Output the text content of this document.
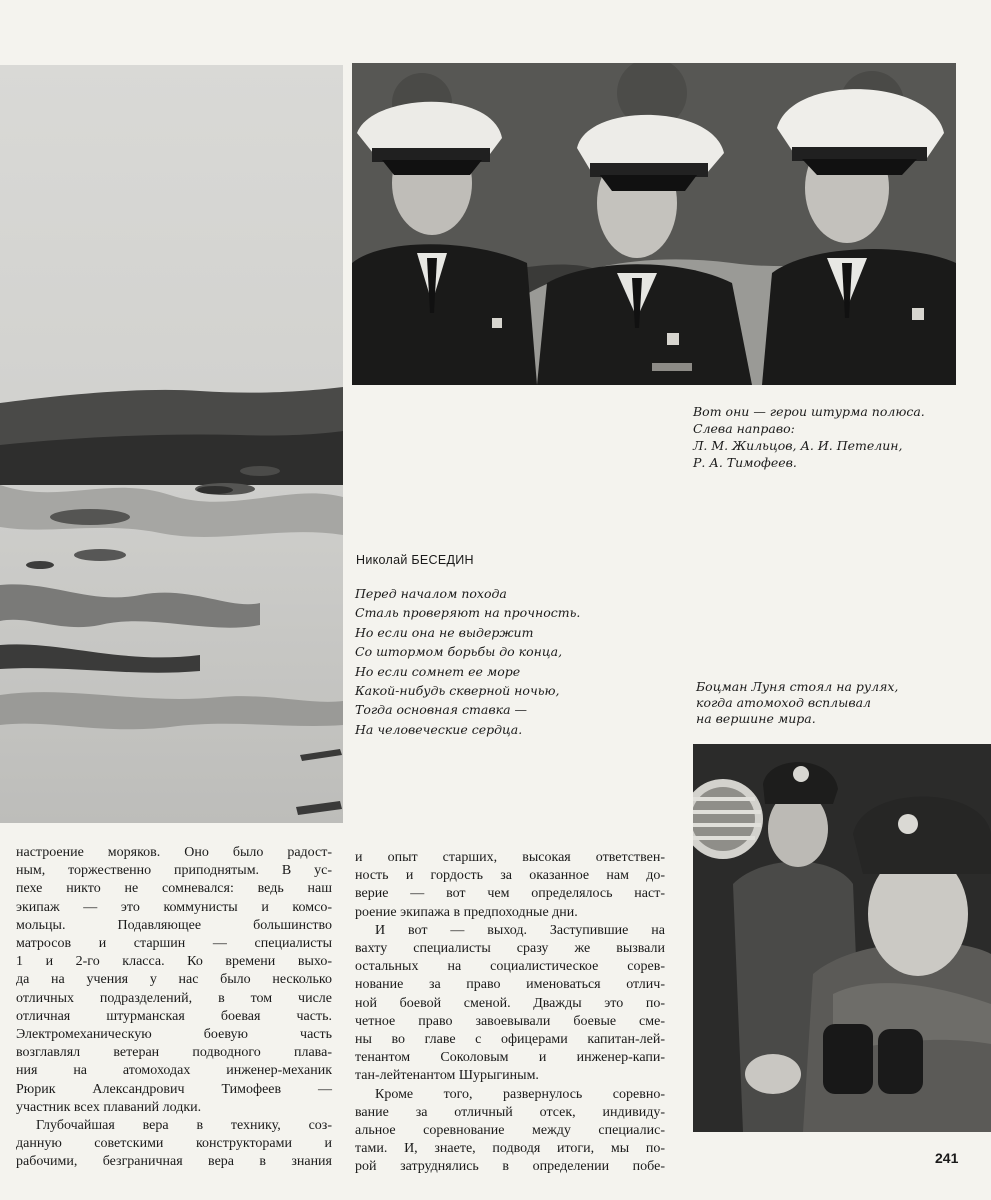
Вот они — герои штурма полюса.
Слева направо:
Л. М. Жильцов, А. И. Петелин,
Р. А. Тимофеев.
Боцман Луня стоял на рулях,
когда атомоход всплывал
на вершине мира.
Николай БЕСЕДИН
Перед началом похода
Сталь проверяют на прочность.
Но если она не выдержит
Со штормом борьбы до конца,
Но если сомнет ее море
Какой-нибудь скверной ночью,
Тогда основная ставка —
На человеческие сердца.

настроение моряков. Оно было радост-

ным, торжественно приподнятым. В ус-

пехе никто не сомневался: ведь наш

экипаж — это коммунисты и комсо-

мольцы. Подавляющее большинство

матросов и старшин — специалисты

1 и 2-го класса. Ко времени выхо-

да на учения у нас было несколько

отличных подразделений, в том числе

отличная штурманская боевая часть.

Электромеханическую боевую часть

возглавлял ветеран подводного плава-

ния на атомоходах инженер-механик

Рюрик Александрович Тимофеев —

участник всех плаваний лодки.

Глубочайшая вера в технику, соз-

данную советскими конструкторами и

рабочими, безграничная вера в знания

и опыт старших, высокая ответствен-

ность и гордость за оказанное нам до-

верие — вот чем определялось наст-

роение экипажа в предпоходные дни.

И вот — выход. Заступившие на

вахту специалисты сразу же вызвали

остальных на социалистическое сорев-

нование за право именоваться отлич-

ной боевой сменой. Дважды это по-

четное право завоевывали боевые сме-

ны во главе с офицерами капитан-лей-

тенантом Соколовым и инженер-капи-

тан-лейтенантом Шурыгиным.

Кроме того, развернулось соревно-

вание за отличный отсек, индивиду-

альное соревнование между специалис-

тами. И, знаете, подводя итоги, мы по-

рой затруднялись в определении побе-

241
